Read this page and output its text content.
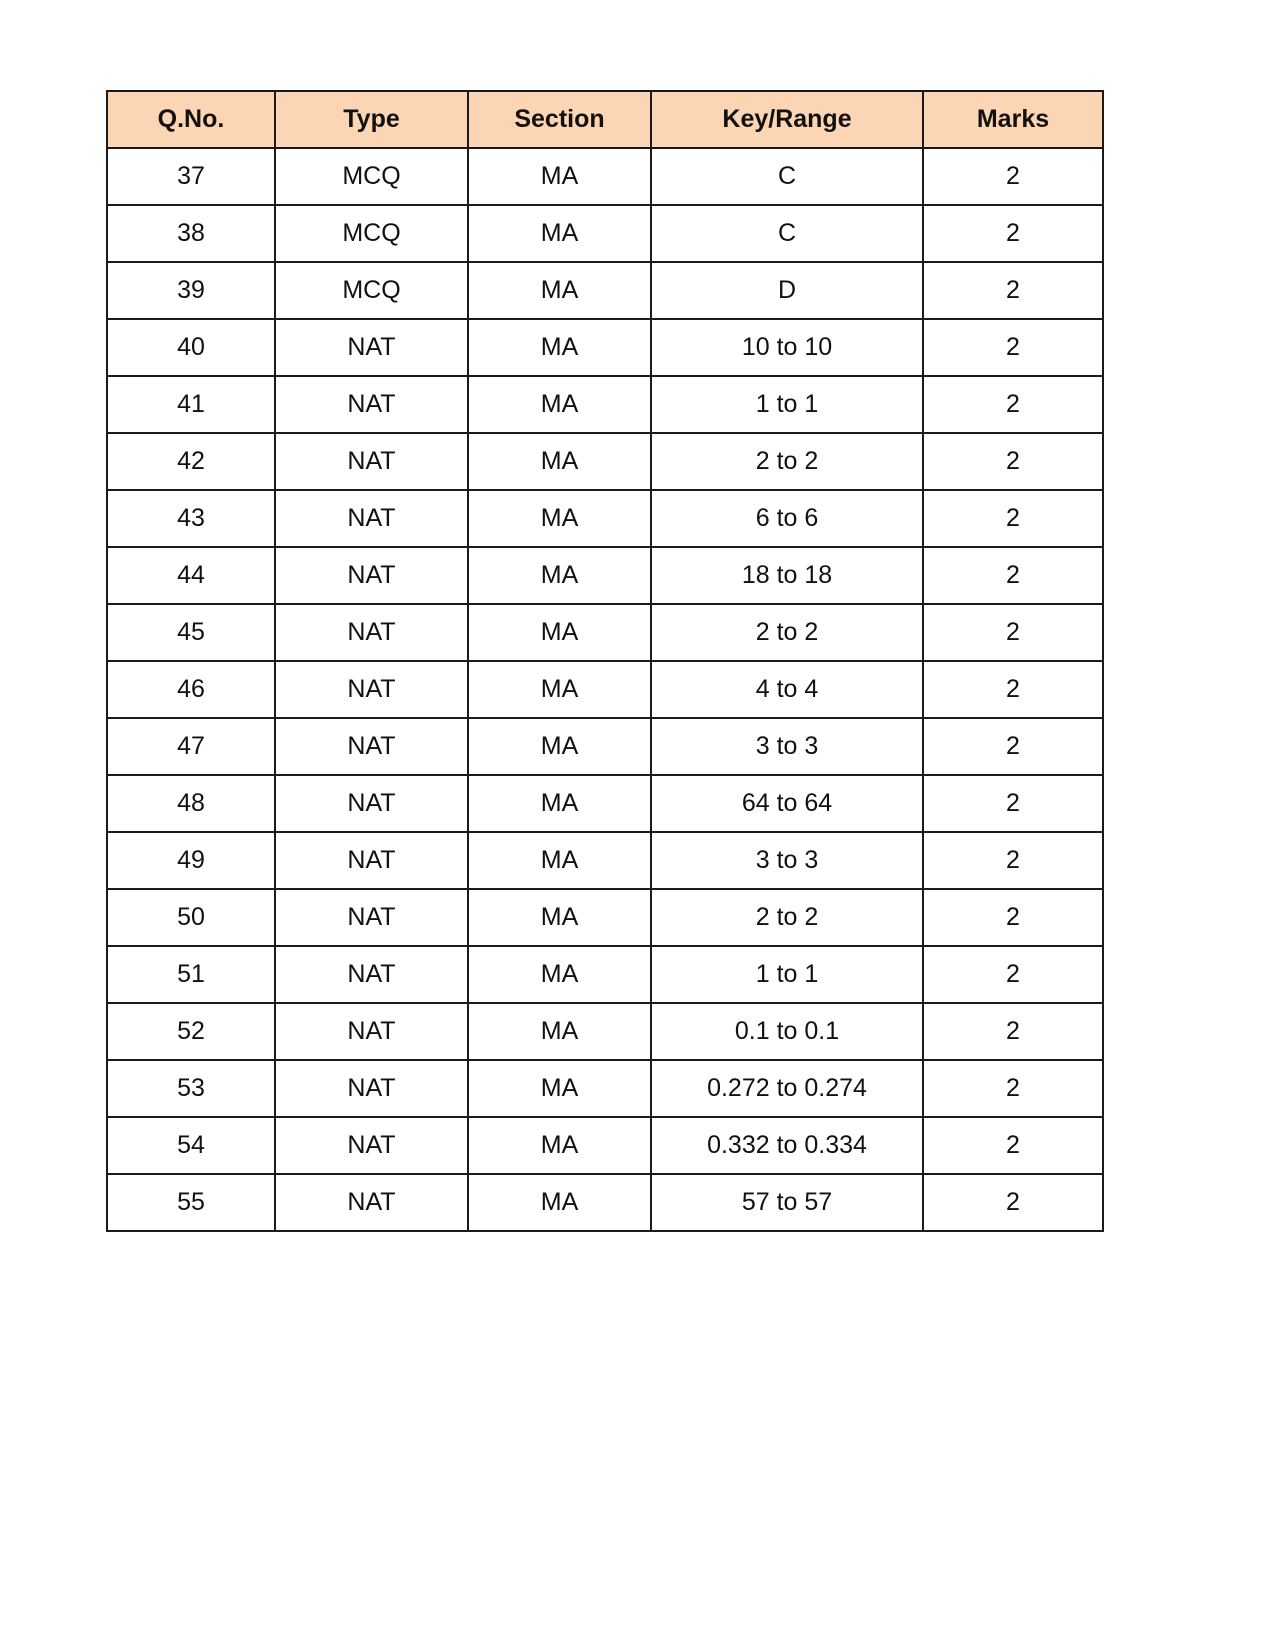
Q.No.	Type	Section	Key/Range	Marks
37	MCQ	MA	C	2
38	MCQ	MA	C	2
39	MCQ	MA	D	2
40	NAT	MA	10 to 10	2
41	NAT	MA	1 to 1	2
42	NAT	MA	2 to 2	2
43	NAT	MA	6 to 6	2
44	NAT	MA	18 to 18	2
45	NAT	MA	2 to 2	2
46	NAT	MA	4 to 4	2
47	NAT	MA	3 to 3	2
48	NAT	MA	64 to 64	2
49	NAT	MA	3 to 3	2
50	NAT	MA	2 to 2	2
51	NAT	MA	1 to 1	2
52	NAT	MA	0.1 to 0.1	2
53	NAT	MA	0.272 to 0.274	2
54	NAT	MA	0.332 to 0.334	2
55	NAT	MA	57 to 57	2
